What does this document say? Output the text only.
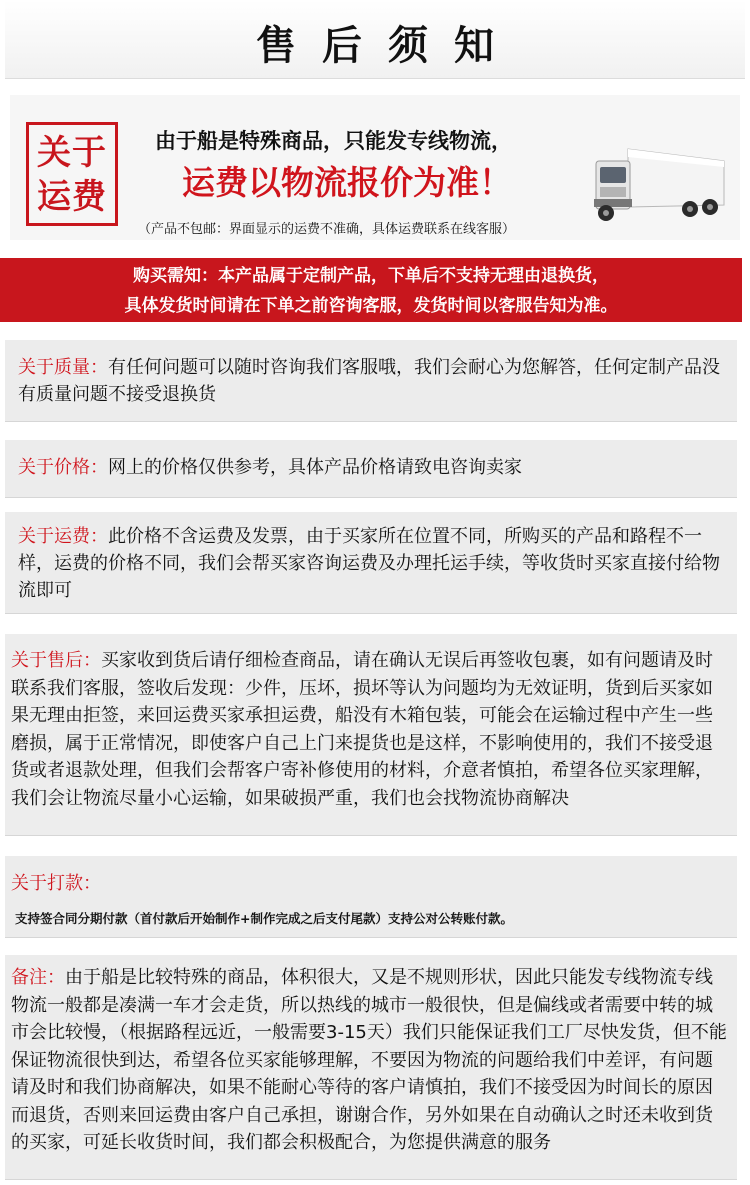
售后须知
关于
运费
由于船是特殊商品，只能发专线物流，
运费以物流报价为准！
（产品不包邮：界面显示的运费不准确，具体运费联系在线客服）
购买需知：本产品属于定制产品，下单后不支持无理由退换货，
具体发货时间请在下单之前咨询客服，发货时间以客服告知为准。
关于质量：有任何问题可以随时咨询我们客服哦，我们会耐心为您解答，任何定制产品没有质量问题不接受退换货
关于价格：网上的价格仅供参考，具体产品价格请致电咨询卖家
关于运费：此价格不含运费及发票，由于买家所在位置不同，所购买的产品和路程不一样，运费的价格不同，我们会帮买家咨询运费及办理托运手续，等收货时买家直接付给物流即可
关于售后：买家收到货后请仔细检查商品，请在确认无误后再签收包裹，如有问题请及时联系我们客服，签收后发现：少件，压坏，损坏等认为问题均为无效证明，货到后买家如果无理由拒签，来回运费买家承担运费，船没有木箱包装，可能会在运输过程中产生一些磨损，属于正常情况，即使客户自己上门来提货也是这样，不影响使用的，我们不接受退货或者退款处理，但我们会帮客户寄补修使用的材料，介意者慎拍，希望各位买家理解，我们会让物流尽量小心运输，如果破损严重，我们也会找物流协商解决
关于打款：
支持签合同分期付款（首付款后开始制作+制作完成之后支付尾款）支持公对公转账付款。
备注：由于船是比较特殊的商品，体积很大，又是不规则形状，因此只能发专线物流专线物流一般都是凑满一车才会走货，所以热线的城市一般很快，但是偏线或者需要中转的城市会比较慢，（根据路程远近，一般需要3-15天）我们只能保证我们工厂尽快发货，但不能保证物流很快到达，希望各位买家能够理解，不要因为物流的问题给我们中差评，有问题请及时和我们协商解决，如果不能耐心等待的客户请慎拍，我们不接受因为时间长的原因而退货，否则来回运费由客户自己承担，谢谢合作，另外如果在自动确认之时还未收到货的买家，可延长收货时间，我们都会积极配合，为您提供满意的服务
